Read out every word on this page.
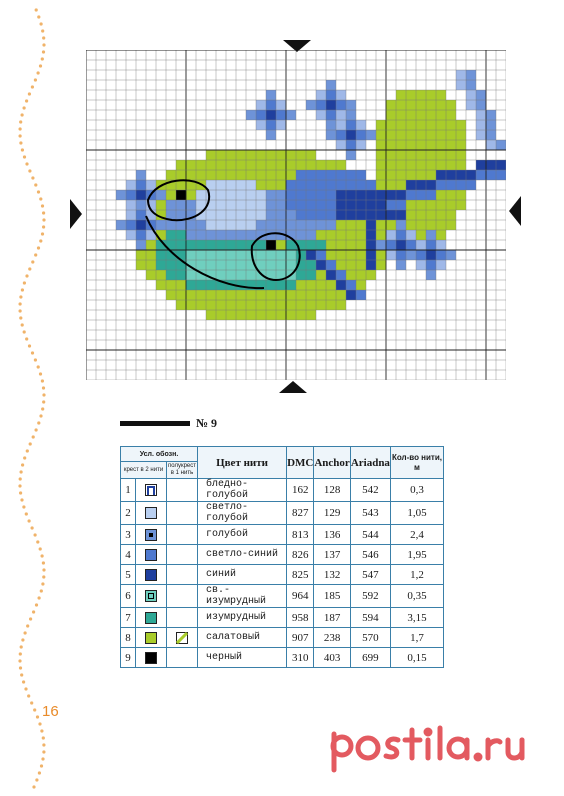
№ 9
Усл. обозн.			Цвет нити	DMC	Anchor	Ariadna	Кол-во нити, м
крест в 2 нити		полукрест в 1 нить					
1			бледно-голубой	162	128	542	0,3
2			светло-голубой	827	129	543	1,05
3			голубой	813	136	544	2,4
4			светло-синий	826	137	546	1,95
5			синий	825	132	547	1,2
6			св.-изумрудный	964	185	592	0,35
7			изумрудный	958	187	594	3,15
8			салатовый	907	238	570	1,7
9			черный	310	403	699	0,15
16
